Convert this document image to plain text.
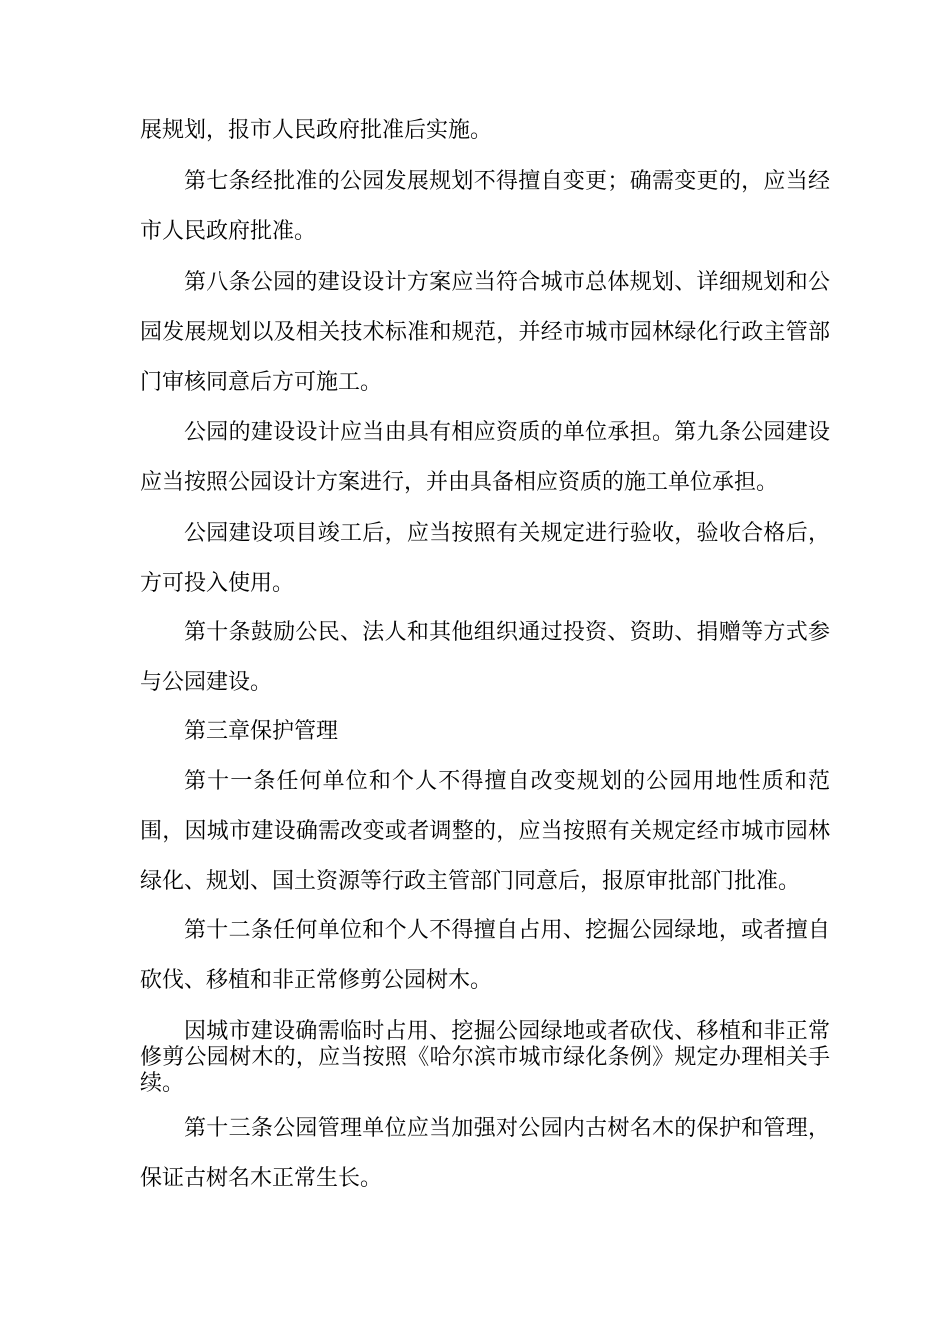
展规划，报市人民政府批准后实施。

第七条经批准的公园发展规划不得擅自变更；确需变更的，应当经市人民政府批准。

第八条公园的建设设计方案应当符合城市总体规划、详细规划和公园发展规划以及相关技术标准和规范，并经市城市园林绿化行政主管部门审核同意后方可施工。

公园的建设设计应当由具有相应资质的单位承担。第九条公园建设应当按照公园设计方案进行，并由具备相应资质的施工单位承担。

公园建设项目竣工后，应当按照有关规定进行验收，验收合格后，方可投入使用。

第十条鼓励公民、法人和其他组织通过投资、资助、捐赠等方式参与公园建设。

第三章保护管理

第十一条任何单位和个人不得擅自改变规划的公园用地性质和范围，因城市建设确需改变或者调整的，应当按照有关规定经市城市园林绿化、规划、国土资源等行政主管部门同意后，报原审批部门批准。

第十二条任何单位和个人不得擅自占用、挖掘公园绿地，或者擅自砍伐、移植和非正常修剪公园树木。

因城市建设确需临时占用、挖掘公园绿地或者砍伐、移植和非正常修剪公园树木的，应当按照《哈尔滨市城市绿化条例》规定办理相关手续。

第十三条公园管理单位应当加强对公园内古树名木的保护和管理，保证古树名木正常生长。
